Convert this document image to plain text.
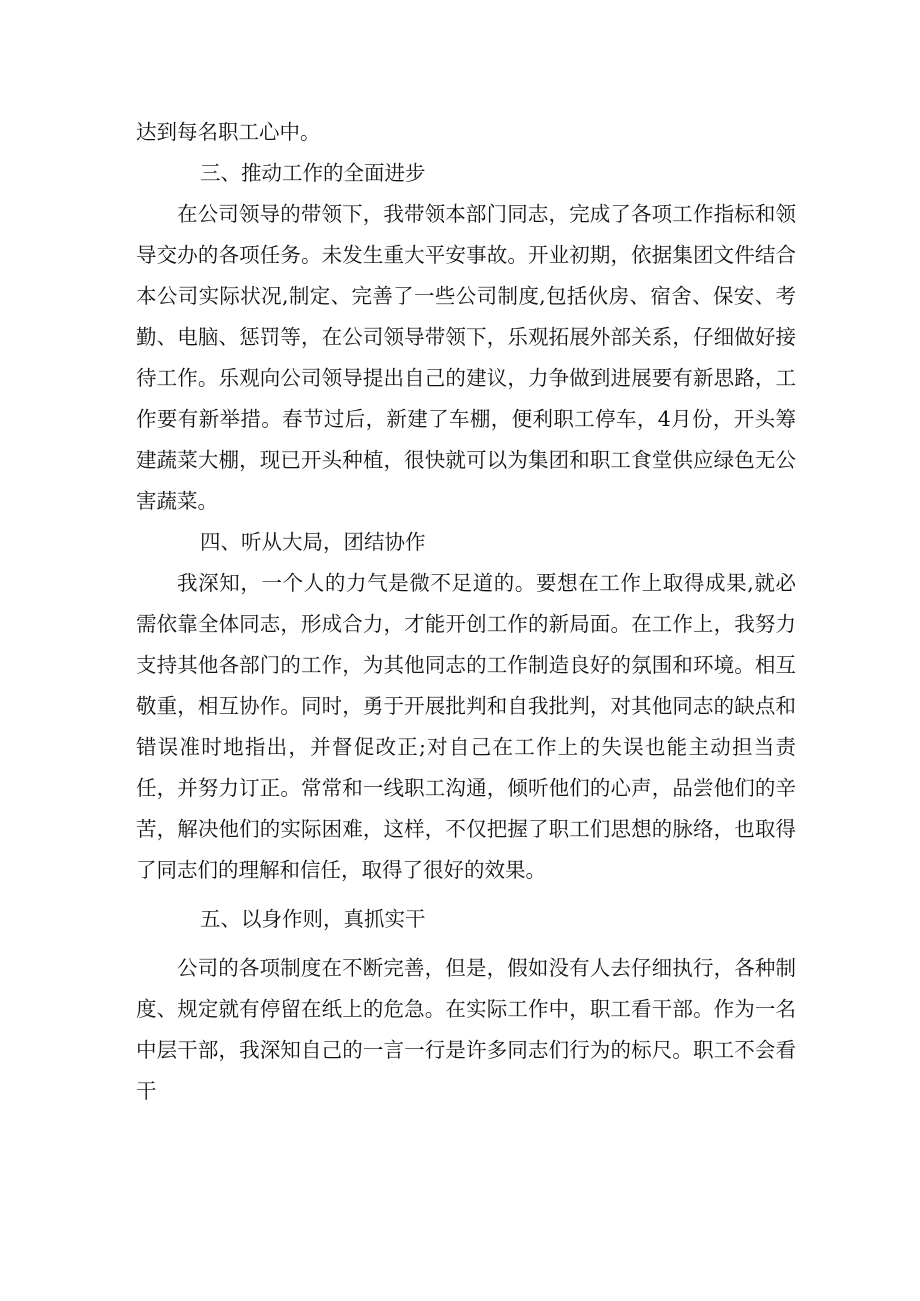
达到每名职工心中。

三、推动工作的全面进步

在公司领导的带领下，我带领本部门同志，完成了各项工作指标和领导交办的各项任务。未发生重大平安事故。开业初期，依据集团文件结合本公司实际状况,制定、完善了一些公司制度,包括伙房、宿舍、保安、考勤、电脑、惩罚等，在公司领导带领下，乐观拓展外部关系，仔细做好接待工作。乐观向公司领导提出自己的建议，力争做到进展要有新思路，工作要有新举措。春节过后，新建了车棚，便利职工停车，4月份，开头筹建蔬菜大棚，现已开头种植，很快就可以为集团和职工食堂供应绿色无公害蔬菜。

四、听从大局，团结协作

我深知，一个人的力气是微不足道的。要想在工作上取得成果,就必需依靠全体同志，形成合力，才能开创工作的新局面。在工作上，我努力支持其他各部门的工作，为其他同志的工作制造良好的氛围和环境。相互敬重，相互协作。同时，勇于开展批判和自我批判，对其他同志的缺点和错误准时地指出，并督促改正;对自己在工作上的失误也能主动担当责任，并努力订正。常常和一线职工沟通，倾听他们的心声，品尝他们的辛苦，解决他们的实际困难，这样，不仅把握了职工们思想的脉络，也取得了同志们的理解和信任，取得了很好的效果。

五、以身作则，真抓实干

公司的各项制度在不断完善，但是，假如没有人去仔细执行，各种制度、规定就有停留在纸上的危急。在实际工作中，职工看干部。作为一名中层干部，我深知自己的一言一行是许多同志们行为的标尺。职工不会看干
